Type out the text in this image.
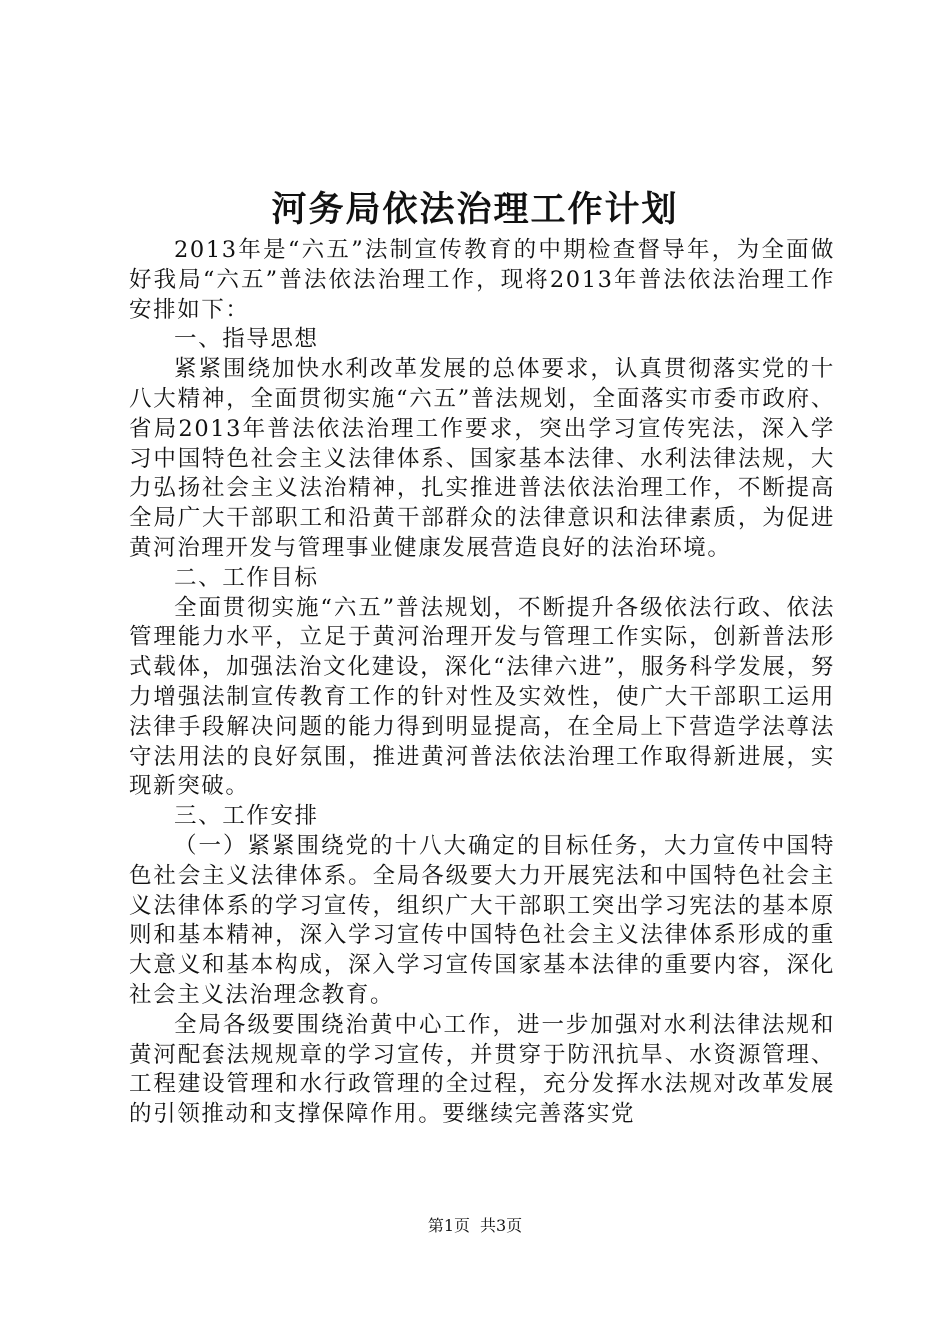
河务局依法治理工作计划

2013年是“六五”法制宣传教育的中期检查督导年，为全面做好我局“六五”普法依法治理工作，现将2013年普法依法治理工作安排如下：

一、指导思想

紧紧围绕加快水利改革发展的总体要求，认真贯彻落实党的十八大精神，全面贯彻实施“六五”普法规划，全面落实市委市政府、省局2013年普法依法治理工作要求，突出学习宣传宪法，深入学习中国特色社会主义法律体系、国家基本法律、水利法律法规，大力弘扬社会主义法治精神，扎实推进普法依法治理工作，不断提高全局广大干部职工和沿黄干部群众的法律意识和法律素质，为促进黄河治理开发与管理事业健康发展营造良好的法治环境。

二、工作目标

全面贯彻实施“六五”普法规划，不断提升各级依法行政、依法管理能力水平，立足于黄河治理开发与管理工作实际，创新普法形式载体，加强法治文化建设，深化“法律六进”，服务科学发展，努力增强法制宣传教育工作的针对性及实效性，使广大干部职工运用法律手段解决问题的能力得到明显提高，在全局上下营造学法尊法守法用法的良好氛围，推进黄河普法依法治理工作取得新进展，实现新突破。

三、工作安排

（一）紧紧围绕党的十八大确定的目标任务，大力宣传中国特色社会主义法律体系。全局各级要大力开展宪法和中国特色社会主义法律体系的学习宣传，组织广大干部职工突出学习宪法的基本原则和基本精神，深入学习宣传中国特色社会主义法律体系形成的重大意义和基本构成，深入学习宣传国家基本法律的重要内容，深化社会主义法治理念教育。

全局各级要围绕治黄中心工作，进一步加强对水利法律法规和黄河配套法规规章的学习宣传，并贯穿于防汛抗旱、水资源管理、工程建设管理和水行政管理的全过程，充分发挥水法规对改革发展的引领推动和支撑保障作用。要继续完善落实党

第1页 共3页
